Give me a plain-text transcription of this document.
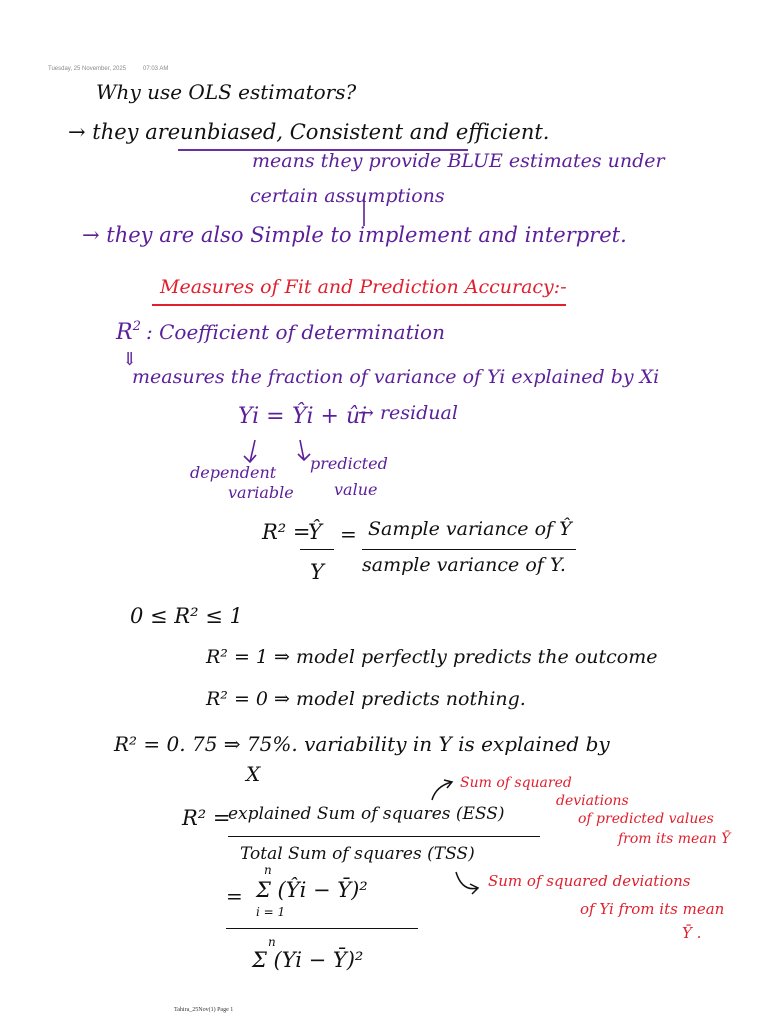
Tuesday, 25 November, 2025	07:03 AM
Why use OLS estimators?
→ they are unbiased, Consistent and efficient.
means they provide BLUE estimates under
certain assumptions
→ they are also Simple to implement and interpret.
Measures of Fit and Prediction Accuracy:-
$R^2$ : Coefficient of determination
⇓
measures the fraction of variance of Yi explained by Xi
Yi = Ŷi + ûi
→ residual
dependent
variable
predicted
value
R² =
Ŷ
Y
= Sample variance of Ŷ
sample variance of Y.
0 ≤ R² ≤ 1
R² = 1 ⇒ model perfectly predicts the outcome
R² = 0 ⇒ model predicts nothing.
R² = 0. 75 ⇒ 75%. variability in Y is explained by
X
R² =
explained Sum of squares (ESS)
Total Sum of squares (TSS)
Sum of squared
deviations
of predicted values
from its mean Ȳ
=
n
Σ (Ŷi − Ȳ)²
i = 1
n
Σ (Yi − Ȳ)²
Sum of squared deviations
of Yi from its mean
Ȳ .
Tahira_25Nov(1) Page 1
